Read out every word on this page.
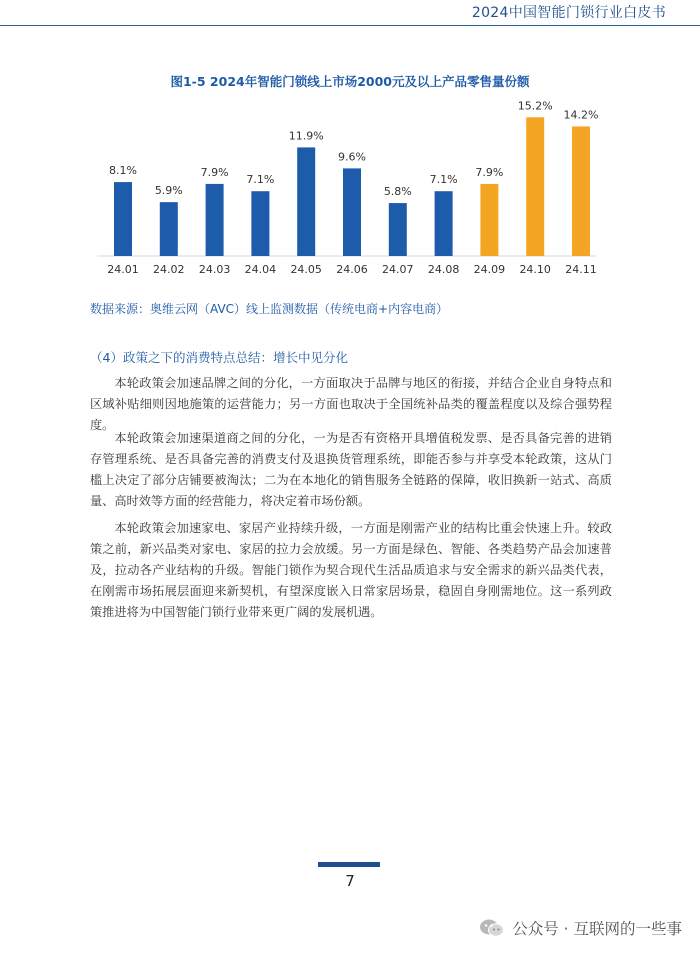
2024中国智能门锁行业白皮书
图1-5 2024年智能门锁线上市场2000元及以上产品零售量份额
8.1%
24.01
5.9%
24.02
7.9%
24.03
7.1%
24.04
11.9%
24.05
9.6%
24.06
5.8%
24.07
7.1%
24.08
7.9%
24.09
15.2%
24.10
14.2%
24.11
数据来源：奥维云网（AVC）线上监测数据（传统电商+内容电商）
（4）政策之下的消费特点总结：增长中见分化

本轮政策会加速品牌之间的分化，一方面取决于品牌与地区的衔接，并结合企业自身特点和区域补贴细则因地施策的运营能力；另一方面也取决于全国统补品类的覆盖程度以及综合强势程度。

本轮政策会加速渠道商之间的分化，一为是否有资格开具增值税发票、是否具备完善的进销存管理系统、是否具备完善的消费支付及退换货管理系统，即能否参与并享受本轮政策，这从门槛上决定了部分店铺要被淘汰；二为在本地化的销售服务全链路的保障，收旧换新一站式、高质量、高时效等方面的经营能力，将决定着市场份额。

本轮政策会加速家电、家居产业持续升级，一方面是刚需产业的结构比重会快速上升。较政策之前，新兴品类对家电、家居的拉力会放缓。另一方面是绿色、智能、各类趋势产品会加速普及，拉动各产业结构的升级。智能门锁作为契合现代生活品质追求与安全需求的新兴品类代表，在刚需市场拓展层面迎来新契机，有望深度嵌入日常家居场景，稳固自身刚需地位。这一系列政策推进将为中国智能门锁行业带来更广阔的发展机遇。

7
公众号 · 互联网的一些事
